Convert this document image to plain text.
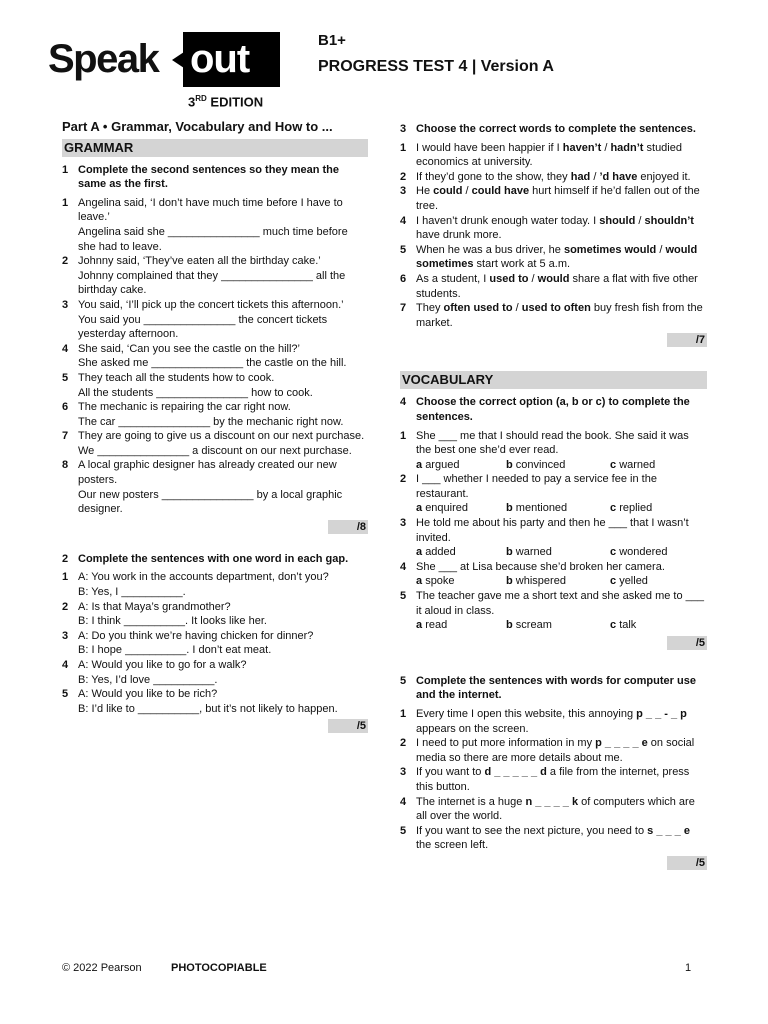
Speak out
3RD EDITION
B1+
PROGRESS TEST 4 | Version A
Part A • Grammar, Vocabulary and How to ...
GRAMMAR
1 Complete the second sentences so they mean the same as the first.
1 Angelina said, ‘I don’t have much time before I have to leave.’
Angelina said she _______________ much time before she had to leave.
2 Johnny said, ‘They’ve eaten all the birthday cake.’
Johnny complained that they _______________ all the birthday cake.
3 You said, ‘I’ll pick up the concert tickets this afternoon.’
You said you _______________ the concert tickets yesterday afternoon.
4 She said, ‘Can you see the castle on the hill?’
She asked me _______________ the castle on the hill.
5 They teach all the students how to cook.
All the students _______________ how to cook.
6 The mechanic is repairing the car right now.
The car _______________ by the mechanic right now.
7 They are going to give us a discount on our next purchase.
We _______________ a discount on our next purchase.
8 A local graphic designer has already created our new posters.
Our new posters _______________ by a local graphic designer.
/8
2 Complete the sentences with one word in each gap.
1 A: You work in the accounts department, don’t you?
B: Yes, I __________.
2 A: Is that Maya’s grandmother?
B: I think __________. It looks like her.
3 A: Do you think we’re having chicken for dinner?
B: I hope __________. I don’t eat meat.
4 A: Would you like to go for a walk?
B: Yes, I’d love __________.
5 A: Would you like to be rich?
B: I’d like to __________, but it’s not likely to happen.
/5
3 Choose the correct words to complete the sentences.
1 I would have been happier if I haven’t / hadn’t studied economics at university.
2 If they’d gone to the show, they had / ’d have enjoyed it.
3 He could / could have hurt himself if he’d fallen out of the tree.
4 I haven’t drunk enough water today. I should / shouldn’t have drunk more.
5 When he was a bus driver, he sometimes would / would sometimes start work at 5 a.m.
6 As a student, I used to / would share a flat with five other students.
7 They often used to / used to often buy fresh fish from the market.
/7
VOCABULARY
4 Choose the correct option (a, b or c) to complete the sentences.
1 She ___ me that I should read the book. She said it was the best one she’d ever read.
a argued	b convinced	c warned
2 I ___ whether I needed to pay a service fee in the restaurant.
a enquired	b mentioned	c replied
3 He told me about his party and then he ___ that I wasn’t invited.
a added	b warned	c wondered
4 She ___ at Lisa because she’d broken her camera.
a spoke	b whispered	c yelled
5 The teacher gave me a short text and she asked me to ___ it aloud in class.
a read	b scream	c talk
/5
5 Complete the sentences with words for computer use and the internet.
1 Every time I open this website, this annoying p _ _ - _ p appears on the screen.
2 I need to put more information in my p _ _ _ _ e on social media so there are more details about me.
3 If you want to d _ _ _ _ _ d a file from the internet, press this button.
4 The internet is a huge n _ _ _ _ k of computers which are all over the world.
5 If you want to see the next picture, you need to s _ _ _ e the screen left.
/5
© 2022 Pearson	PHOTOCOPIABLE	1
